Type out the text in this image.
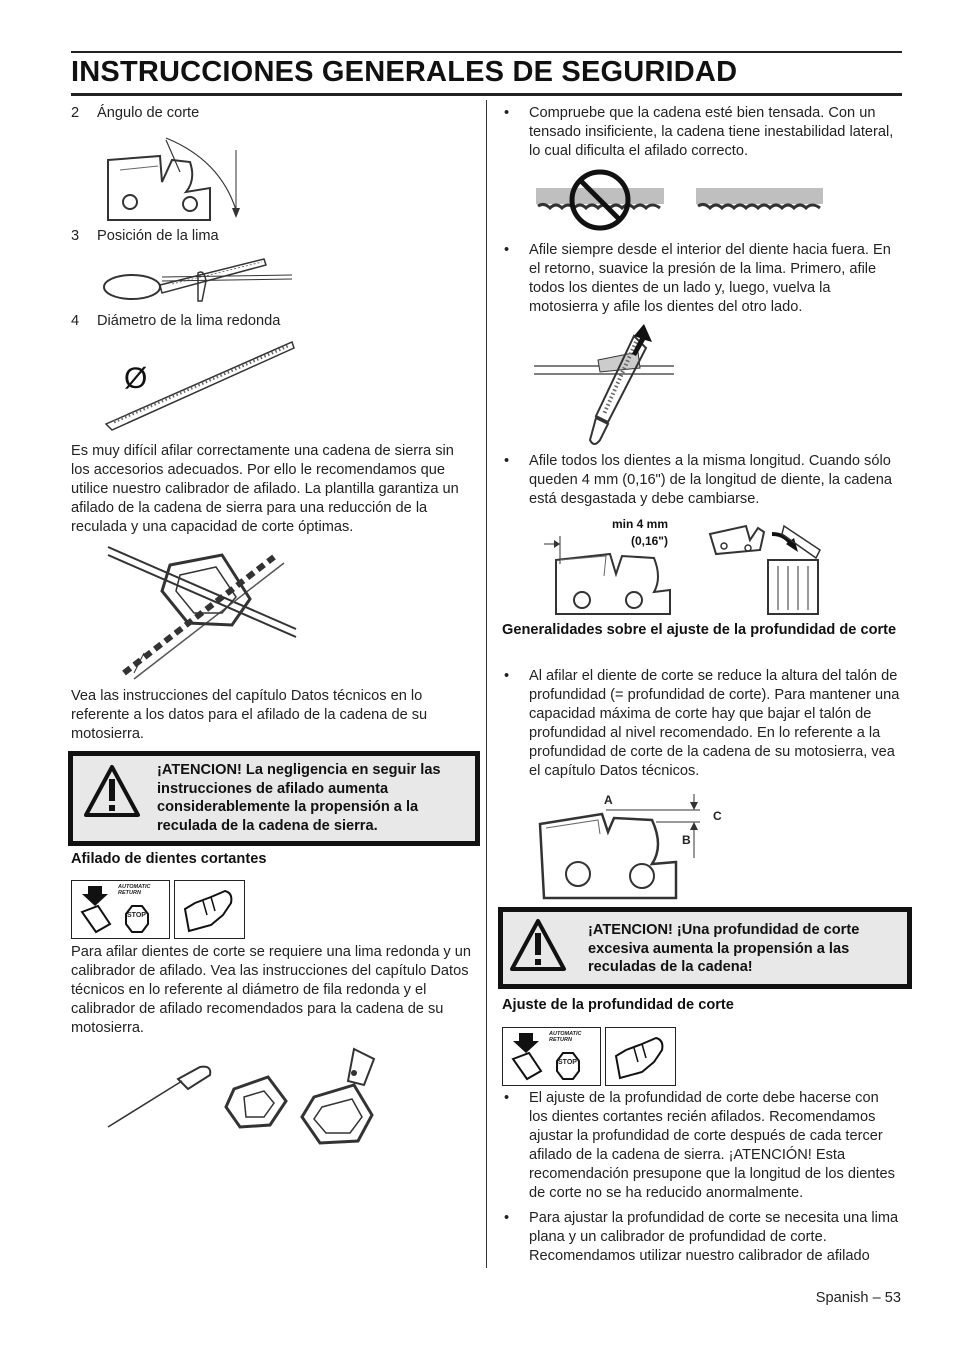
INSTRUCCIONES GENERALES DE SEGURIDAD
2 Ángulo de corte
3 Posición de la lima
4 Diámetro de la lima redonda
Ø
Es muy difícil afilar correctamente una cadena de sierra sin los accesorios adecuados. Por ello le recomendamos que utilice nuestro calibrador de afilado. La plantilla garantiza un afilado de la cadena de sierra para una reducción de la reculada y una capacidad de corte óptimas.
Vea las instrucciones del capítulo Datos técnicos en lo referente a los datos para el afilado de la cadena de su motosierra.
¡ATENCION! La negligencia en seguir las instrucciones de afilado aumenta considerablemente la propensión a la reculada de la cadena de sierra.
Afilado de dientes cortantes
AUTOMATIC RETURN
STOP
Para afilar dientes de corte se requiere una lima redonda y un calibrador de afilado. Vea las instrucciones del capítulo Datos técnicos en lo referente al diámetro de fila redonda y el calibrador de afilado recomendados para la cadena de su motosierra.
• Compruebe que la cadena esté bien tensada. Con un tensado insificiente, la cadena tiene inestabilidad lateral, lo cual dificulta el afilado correcto.
• Afile siempre desde el interior del diente hacia fuera. En el retorno, suavice la presión de la lima. Primero, afile todos los dientes de un lado y, luego, vuelva la motosierra y afile los dientes del otro lado.
• Afile todos los dientes a la misma longitud. Cuando sólo queden 4 mm (0,16") de la longitud de diente, la cadena está desgastada y debe cambiarse.
min 4 mm
(0,16")
Generalidades sobre el ajuste de la profundidad de corte
• Al afilar el diente de corte se reduce la altura del talón de profundidad (= profundidad de corte). Para mantener una capacidad máxima de corte hay que bajar el talón de profundidad al nivel recomendado. En lo referente a la profundidad de corte de la cadena de su motosierra, vea el capítulo Datos técnicos.
A
C
B
¡ATENCION! ¡Una profundidad de corte excesiva aumenta la propensión a las reculadas de la cadena!
Ajuste de la profundidad de corte
AUTOMATIC RETURN
STOP
• El ajuste de la profundidad de corte debe hacerse con los dientes cortantes recién afilados. Recomendamos ajustar la profundidad de corte después de cada tercer afilado de la cadena de sierra. ¡ATENCIÓN! Esta recomendación presupone que la longitud de los dientes de corte no se ha reducido anormalmente.
• Para ajustar la profundidad de corte se necesita una lima plana y un calibrador de profundidad de corte. Recomendamos utilizar nuestro calibrador de afilado
Spanish – 53
